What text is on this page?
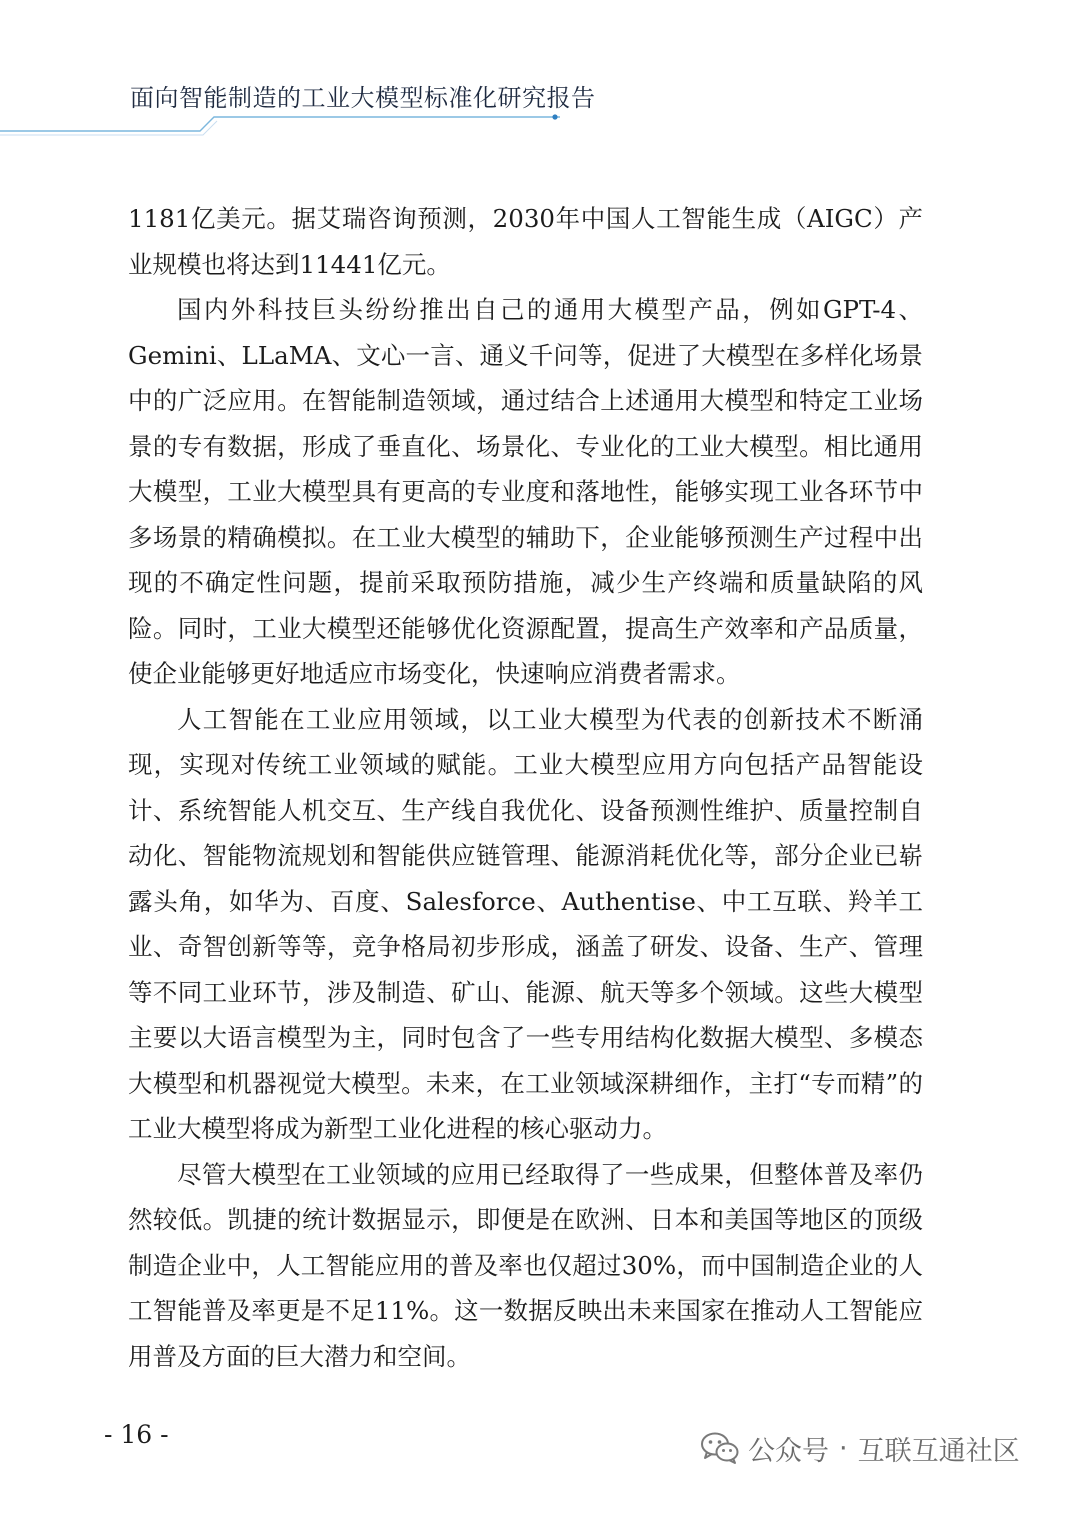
面向智能制造的工业大模型标准化研究报告

1181亿美元。据艾瑞咨询预测，2030年中国人工智能生成（AIGC）产业规模也将达到11441亿元。

国内外科技巨头纷纷推出自己的通用大模型产品，例如GPT-4、Gemini、LLaMA、文心一言、通义千问等，促进了大模型在多样化场景中的广泛应用。在智能制造领域，通过结合上述通用大模型和特定工业场景的专有数据，形成了垂直化、场景化、专业化的工业大模型。相比通用大模型，工业大模型具有更高的专业度和落地性，能够实现工业各环节中多场景的精确模拟。在工业大模型的辅助下，企业能够预测生产过程中出现的不确定性问题，提前采取预防措施，减少生产终端和质量缺陷的风险。同时，工业大模型还能够优化资源配置，提高生产效率和产品质量，使企业能够更好地适应市场变化，快速响应消费者需求。

人工智能在工业应用领域，以工业大模型为代表的创新技术不断涌现，实现对传统工业领域的赋能。工业大模型应用方向包括产品智能设计、系统智能人机交互、生产线自我优化、设备预测性维护、质量控制自动化、智能物流规划和智能供应链管理、能源消耗优化等，部分企业已崭露头角，如华为、百度、Salesforce、Authentise、中工互联、羚羊工业、奇智创新等等，竞争格局初步形成，涵盖了研发、设备、生产、管理等不同工业环节，涉及制造、矿山、能源、航天等多个领域。这些大模型主要以大语言模型为主，同时包含了一些专用结构化数据大模型、多模态大模型和机器视觉大模型。未来，在工业领域深耕细作，主打“专而精”的工业大模型将成为新型工业化进程的核心驱动力。

尽管大模型在工业领域的应用已经取得了一些成果，但整体普及率仍然较低。凯捷的统计数据显示，即便是在欧洲、日本和美国等地区的顶级制造企业中，人工智能应用的普及率也仅超过30%，而中国制造企业的人工智能普及率更是不足11%。这一数据反映出未来国家在推动人工智能应用普及方面的巨大潜力和空间。

- 16 -
公众号 · 互联互通社区
